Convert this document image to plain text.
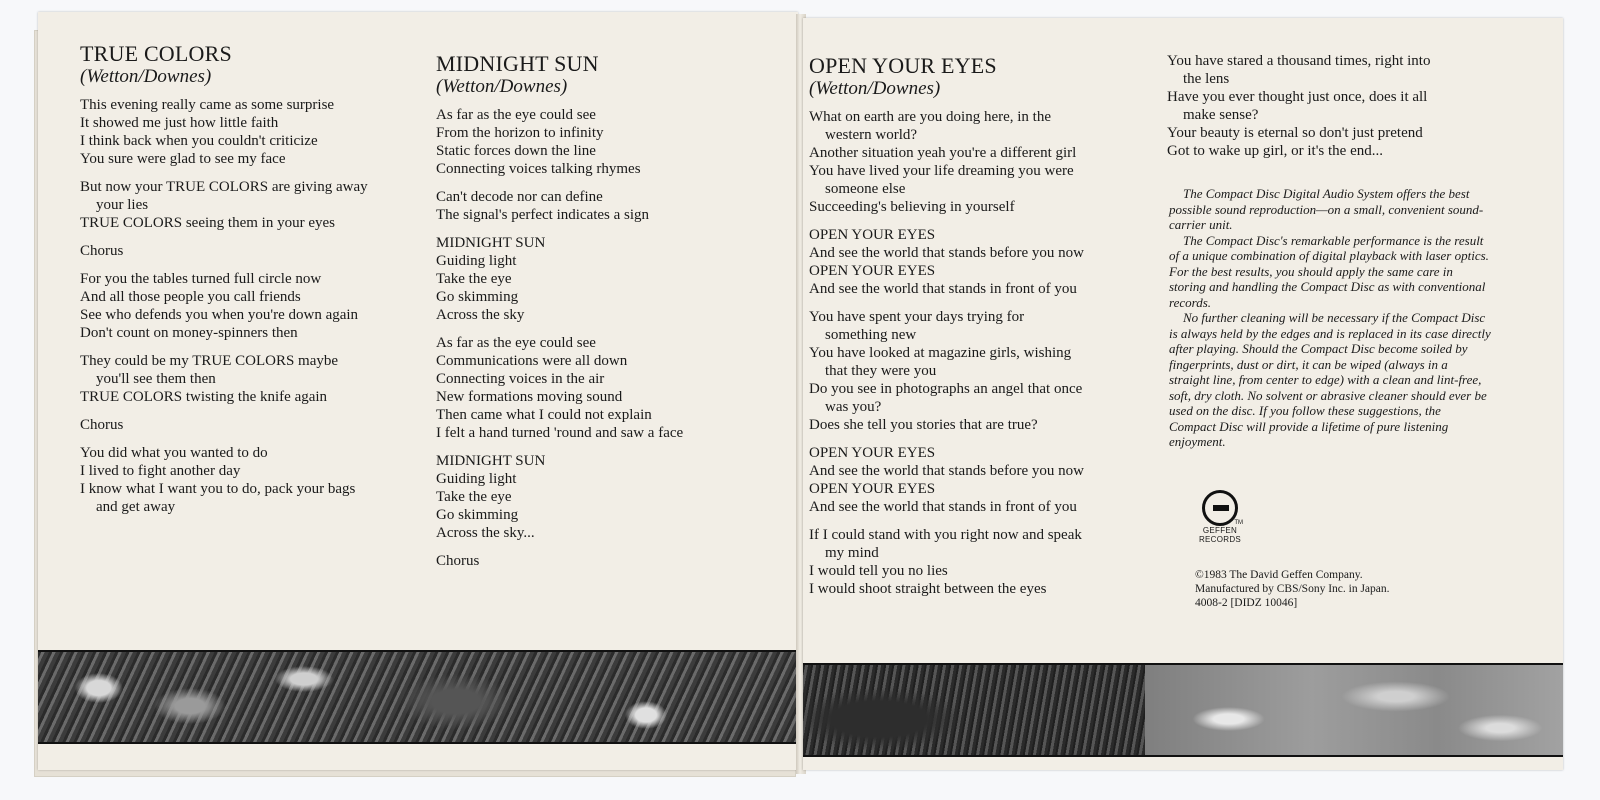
TRUE COLORS
(Wetton/Downes)
This evening really came as some surprise
It showed me just how little faith
I think back when you couldn't criticize
You sure were glad to see my face
But now your TRUE COLORS are giving away
your lies
TRUE COLORS seeing them in your eyes
Chorus
For you the tables turned full circle now
And all those people you call friends
See who defends you when you're down again
Don't count on money-spinners then
They could be my TRUE COLORS maybe
you'll see them then
TRUE COLORS twisting the knife again
Chorus
You did what you wanted to do
I lived to fight another day
I know what I want you to do, pack your bags
and get away
MIDNIGHT SUN
(Wetton/Downes)
As far as the eye could see
From the horizon to infinity
Static forces down the line
Connecting voices talking rhymes
Can't decode nor can define
The signal's perfect indicates a sign
MIDNIGHT SUN
Guiding light
Take the eye
Go skimming
Across the sky
As far as the eye could see
Communications were all down
Connecting voices in the air
New formations moving sound
Then came what I could not explain
I felt a hand turned 'round and saw a face
MIDNIGHT SUN
Guiding light
Take the eye
Go skimming
Across the sky...
Chorus
OPEN YOUR EYES
(Wetton/Downes)
What on earth are you doing here, in the
western world?
Another situation yeah you're a different girl
You have lived your life dreaming you were
someone else
Succeeding's believing in yourself
OPEN YOUR EYES
And see the world that stands before you now
OPEN YOUR EYES
And see the world that stands in front of you
You have spent your days trying for
something new
You have looked at magazine girls, wishing
that they were you
Do you see in photographs an angel that once
was you?
Does she tell you stories that are true?
OPEN YOUR EYES
And see the world that stands before you now
OPEN YOUR EYES
And see the world that stands in front of you
If I could stand with you right now and speak
my mind
I would tell you no lies
I would shoot straight between the eyes
You have stared a thousand times, right into
the lens
Have you ever thought just once, does it all
make sense?
Your beauty is eternal so don't just pretend
Got to wake up girl, or it's the end...

The Compact Disc Digital Audio System offers the best possible sound reproduction—on a small, convenient sound-carrier unit.

The Compact Disc's remarkable performance is the result of a unique combination of digital playback with laser optics. For the best results, you should apply the same care in storing and handling the Compact Disc as with conventional records.

No further cleaning will be necessary if the Compact Disc is always held by the edges and is replaced in its case directly after playing. Should the Compact Disc become soiled by fingerprints, dust or dirt, it can be wiped (always in a straight line, from center to edge) with a clean and lint-free, soft, dry cloth. No solvent or abrasive cleaner should ever be used on the disc. If you follow these suggestions, the Compact Disc will provide a lifetime of pure listening enjoyment.

TM
GEFFEN
RECORDS
©1983 The David Geffen Company.
Manufactured by CBS/Sony Inc. in Japan.
4008-2 [DIDZ 10046]
